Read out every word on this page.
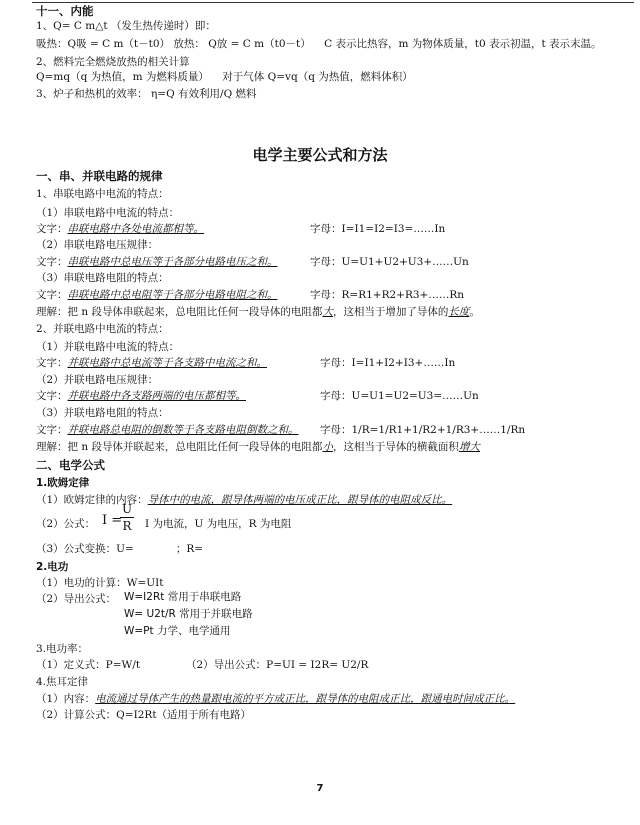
十一、内能
1、Q= C m△t （发生热传递时）即：
吸热：Q吸 = C m（t－t0） 放热： Q放 = C m（t0－t） C 表示比热容，m 为物体质量，t0 表示初温，t 表示末温。
2、燃料完全燃烧放热的相关计算
Q=mq（q 为热值，m 为燃料质量） 对于气体 Q=vq（q 为热值，燃料体积）
3、炉子和热机的效率： η=Q 有效利用/Q 燃料
电学主要公式和方法
一、串、并联电路的规律
1、串联电路中电流的特点：
（1）串联电路中电流的特点：
文字：串联电路中各处电流都相等。	字母：I=I1=I2=I3=……In
（2）串联电路电压规律：
文字：串联电路中总电压等于各部分电路电压之和。	字母：U=U1+U2+U3+……Un
（3）串联电路电阻的特点：
文字：串联电路中总电阻等于各部分电路电阻之和。	字母：R=R1+R2+R3+……Rn
理解：把 n 段导体串联起来，总电阻比任何一段导体的电阻都大，这相当于增加了导体的长度。
2、并联电路中电流的特点：
（1）并联电路中电流的特点：
文字：并联电路中总电流等于各支路中电流之和。	字母：I=I1+I2+I3+……In
（2）并联电路电压规律：
文字：并联电路中各支路两端的电压都相等。	字母：U=U1=U2=U3=……Un
（3）并联电路电阻的特点：
文字：并联电路总电阻的倒数等于各支路电阻倒数之和。 字母：1/R=1/R1+1/R2+1/R3+……1/Rn
理解：把 n 段导体并联起来，总电阻比任何一段导体的电阻都小，这相当于导体的横截面积增大
二、电学公式
1.欧姆定律
（1）欧姆定律的内容：导体中的电流，跟导体两端的电压成正比，跟导体的电阻成反比。
（2）公式： I =
U
R I 为电流，U 为电压，R 为电阻
（3）公式变换：U=	；R=
2.电功
（1）电功的计算：W=UIt
（2）导出公式： W=I2Rt 常用于串联电路
W= U2t/R 常用于并联电路
W=Pt 力学、电学通用
3.电功率：
（1）定义式：P=W/t	（2）导出公式：P=UI = I2R= U2/R
4.焦耳定律
（1）内容：电流通过导体产生的热量跟电流的平方成正比，跟导体的电阻成正比，跟通电时间成正比。
（2）计算公式：Q=I2Rt（适用于所有电路）
7
